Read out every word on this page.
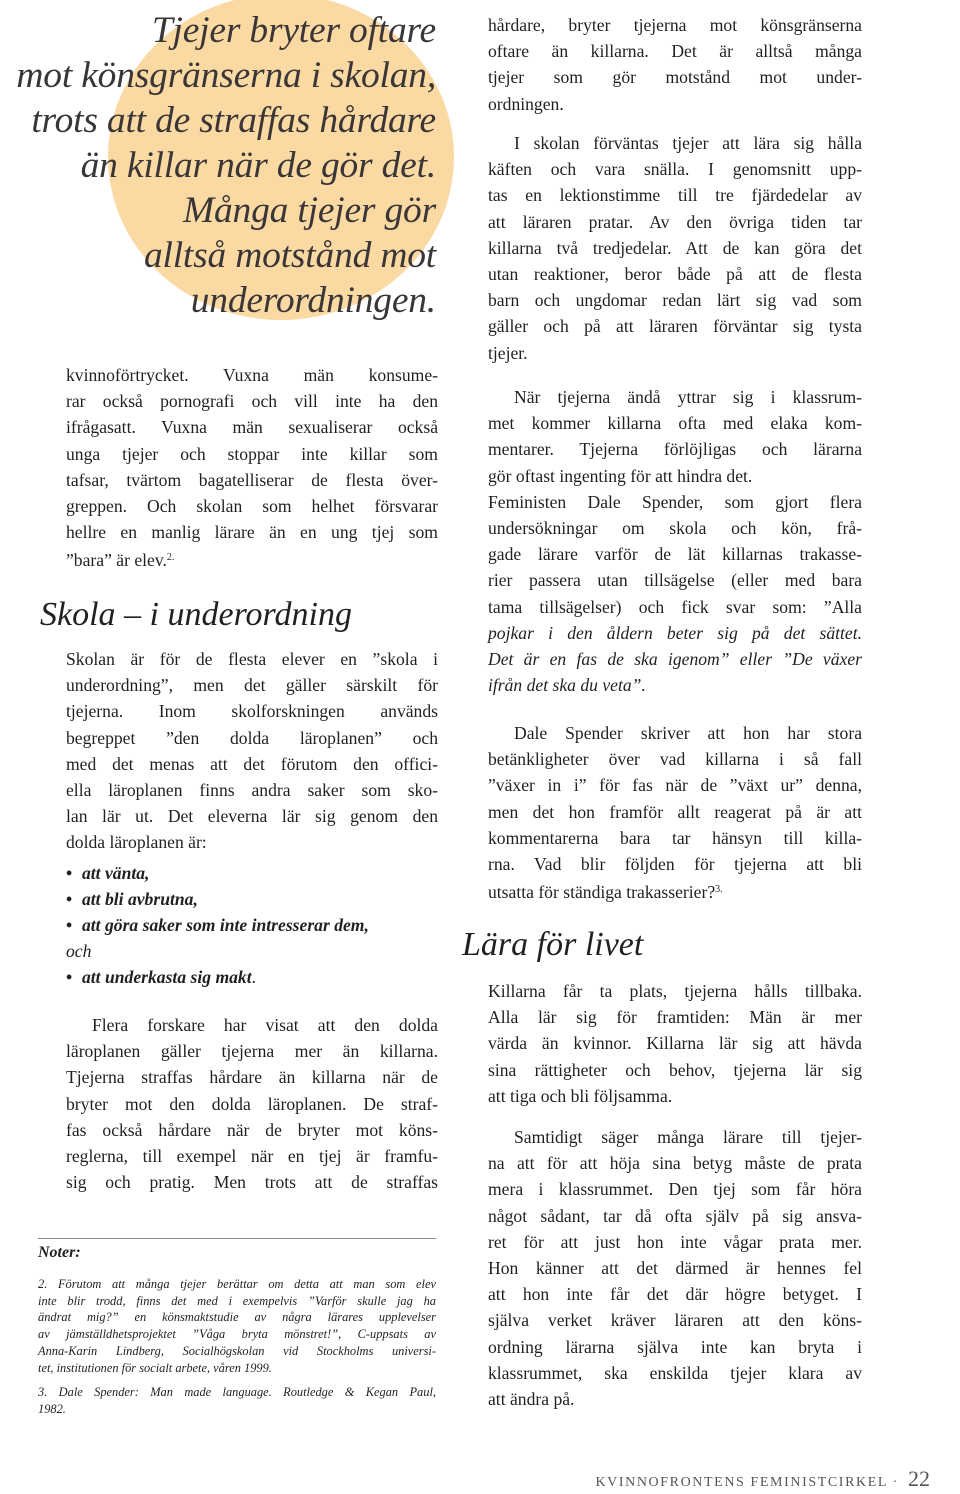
Tjejer bryter oftare
mot könsgränserna i skolan,
trots att de straffas hårdare
än killar när de gör det.
Många tjejer gör
alltså motstånd mot
underordningen.
kvinnoförtrycket. Vuxna män konsume-
rar också pornografi och vill inte ha den
ifrågasatt. Vuxna män sexualiserar också
unga tjejer och stoppar inte killar som
tafsar, tvärtom bagatelliserar de flesta över-
greppen. Och skolan som helhet försvarar
hellre en manlig lärare än en ung tjej som
”bara” är elev.$^{2.}$
Skola – i underordning
Skolan är för de flesta elever en ”skola i
underordning”, men det gäller särskilt för
tjejerna. Inom skolforskningen används
begreppet ”den dolda läroplanen” och
med det menas att det förutom den offici-
ella läroplanen finns andra saker som sko-
lan lär ut. Det eleverna lär sig genom den
dolda läroplanen är:
• att vänta,
• att bli avbrutna,
• att göra saker som inte intresserar dem,
och
• att underkasta sig makt.
Flera forskare har visat att den dolda
läroplanen gäller tjejerna mer än killarna.
Tjejerna straffas hårdare än killarna när de
bryter mot den dolda läroplanen. De straf-
fas också hårdare när de bryter mot köns-
reglerna, till exempel när en tjej är framfu-
sig och pratig. Men trots att de straffas
Noter:
2. Förutom att många tjejer berättar om detta att man som elev
inte blir trodd, finns det med i exempelvis ”Varför skulle jag ha
ändrat mig?” en könsmaktstudie av några lärares upplevelser
av jämställdhetsprojektet ”Våga bryta mönstret!”, C-uppsats av
Anna-Karin Lindberg, Socialhögskolan vid Stockholms universi-
tet, institutionen för socialt arbete, våren 1999.
3. Dale Spender: Man made language. Routledge & Kegan Paul,
1982.
hårdare, bryter tjejerna mot könsgränserna
oftare än killarna. Det är alltså många
tjejer som gör motstånd mot under-
ordningen.
I skolan förväntas tjejer att lära sig hålla
käften och vara snälla. I genomsnitt upp-
tas en lektionstimme till tre fjärdedelar av
att läraren pratar. Av den övriga tiden tar
killarna två tredjedelar. Att de kan göra det
utan reaktioner, beror både på att de flesta
barn och ungdomar redan lärt sig vad som
gäller och på att läraren förväntar sig tysta
tjejer.
När tjejerna ändå yttrar sig i klassrum-
met kommer killarna ofta med elaka kom-
mentarer. Tjejerna förlöjligas och lärarna
gör oftast ingenting för att hindra det.
Feministen Dale Spender, som gjort flera
undersökningar om skola och kön, frå-
gade lärare varför de lät killarnas trakasse-
rier passera utan tillsägelse (eller med bara
tama tillsägelser) och fick svar som: ”Alla
pojkar i den åldern beter sig på det sättet.
Det är en fas de ska igenom” eller ”De växer
ifrån det ska du veta”.
Dale Spender skriver att hon har stora
betänkligheter över vad killarna i så fall
”växer in i” för fas när de ”växt ur” denna,
men det hon framför allt reagerat på är att
kommentarerna bara tar hänsyn till killa-
rna. Vad blir följden för tjejerna att bli
utsatta för ständiga trakasserier?$^{3.}$
Lära för livet
Killarna får ta plats, tjejerna hålls tillbaka.
Alla lär sig för framtiden: Män är mer
värda än kvinnor. Killarna lär sig att hävda
sina rättigheter och behov, tjejerna lär sig
att tiga och bli följsamma.
Samtidigt säger många lärare till tjejer-
na att för att höja sina betyg måste de prata
mera i klassrummet. Den tjej som får höra
något sådant, tar då ofta själv på sig ansva-
ret för att just hon inte vågar prata mer.
Hon känner att det därmed är hennes fel
att hon inte får det där högre betyget. I
själva verket kräver läraren att den köns-
ordning lärarna själva inte kan bryta i
klassrummet, ska enskilda tjejer klara av
att ändra på.
KVINNOFRONTENS FEMINISTCIRKEL · 22
